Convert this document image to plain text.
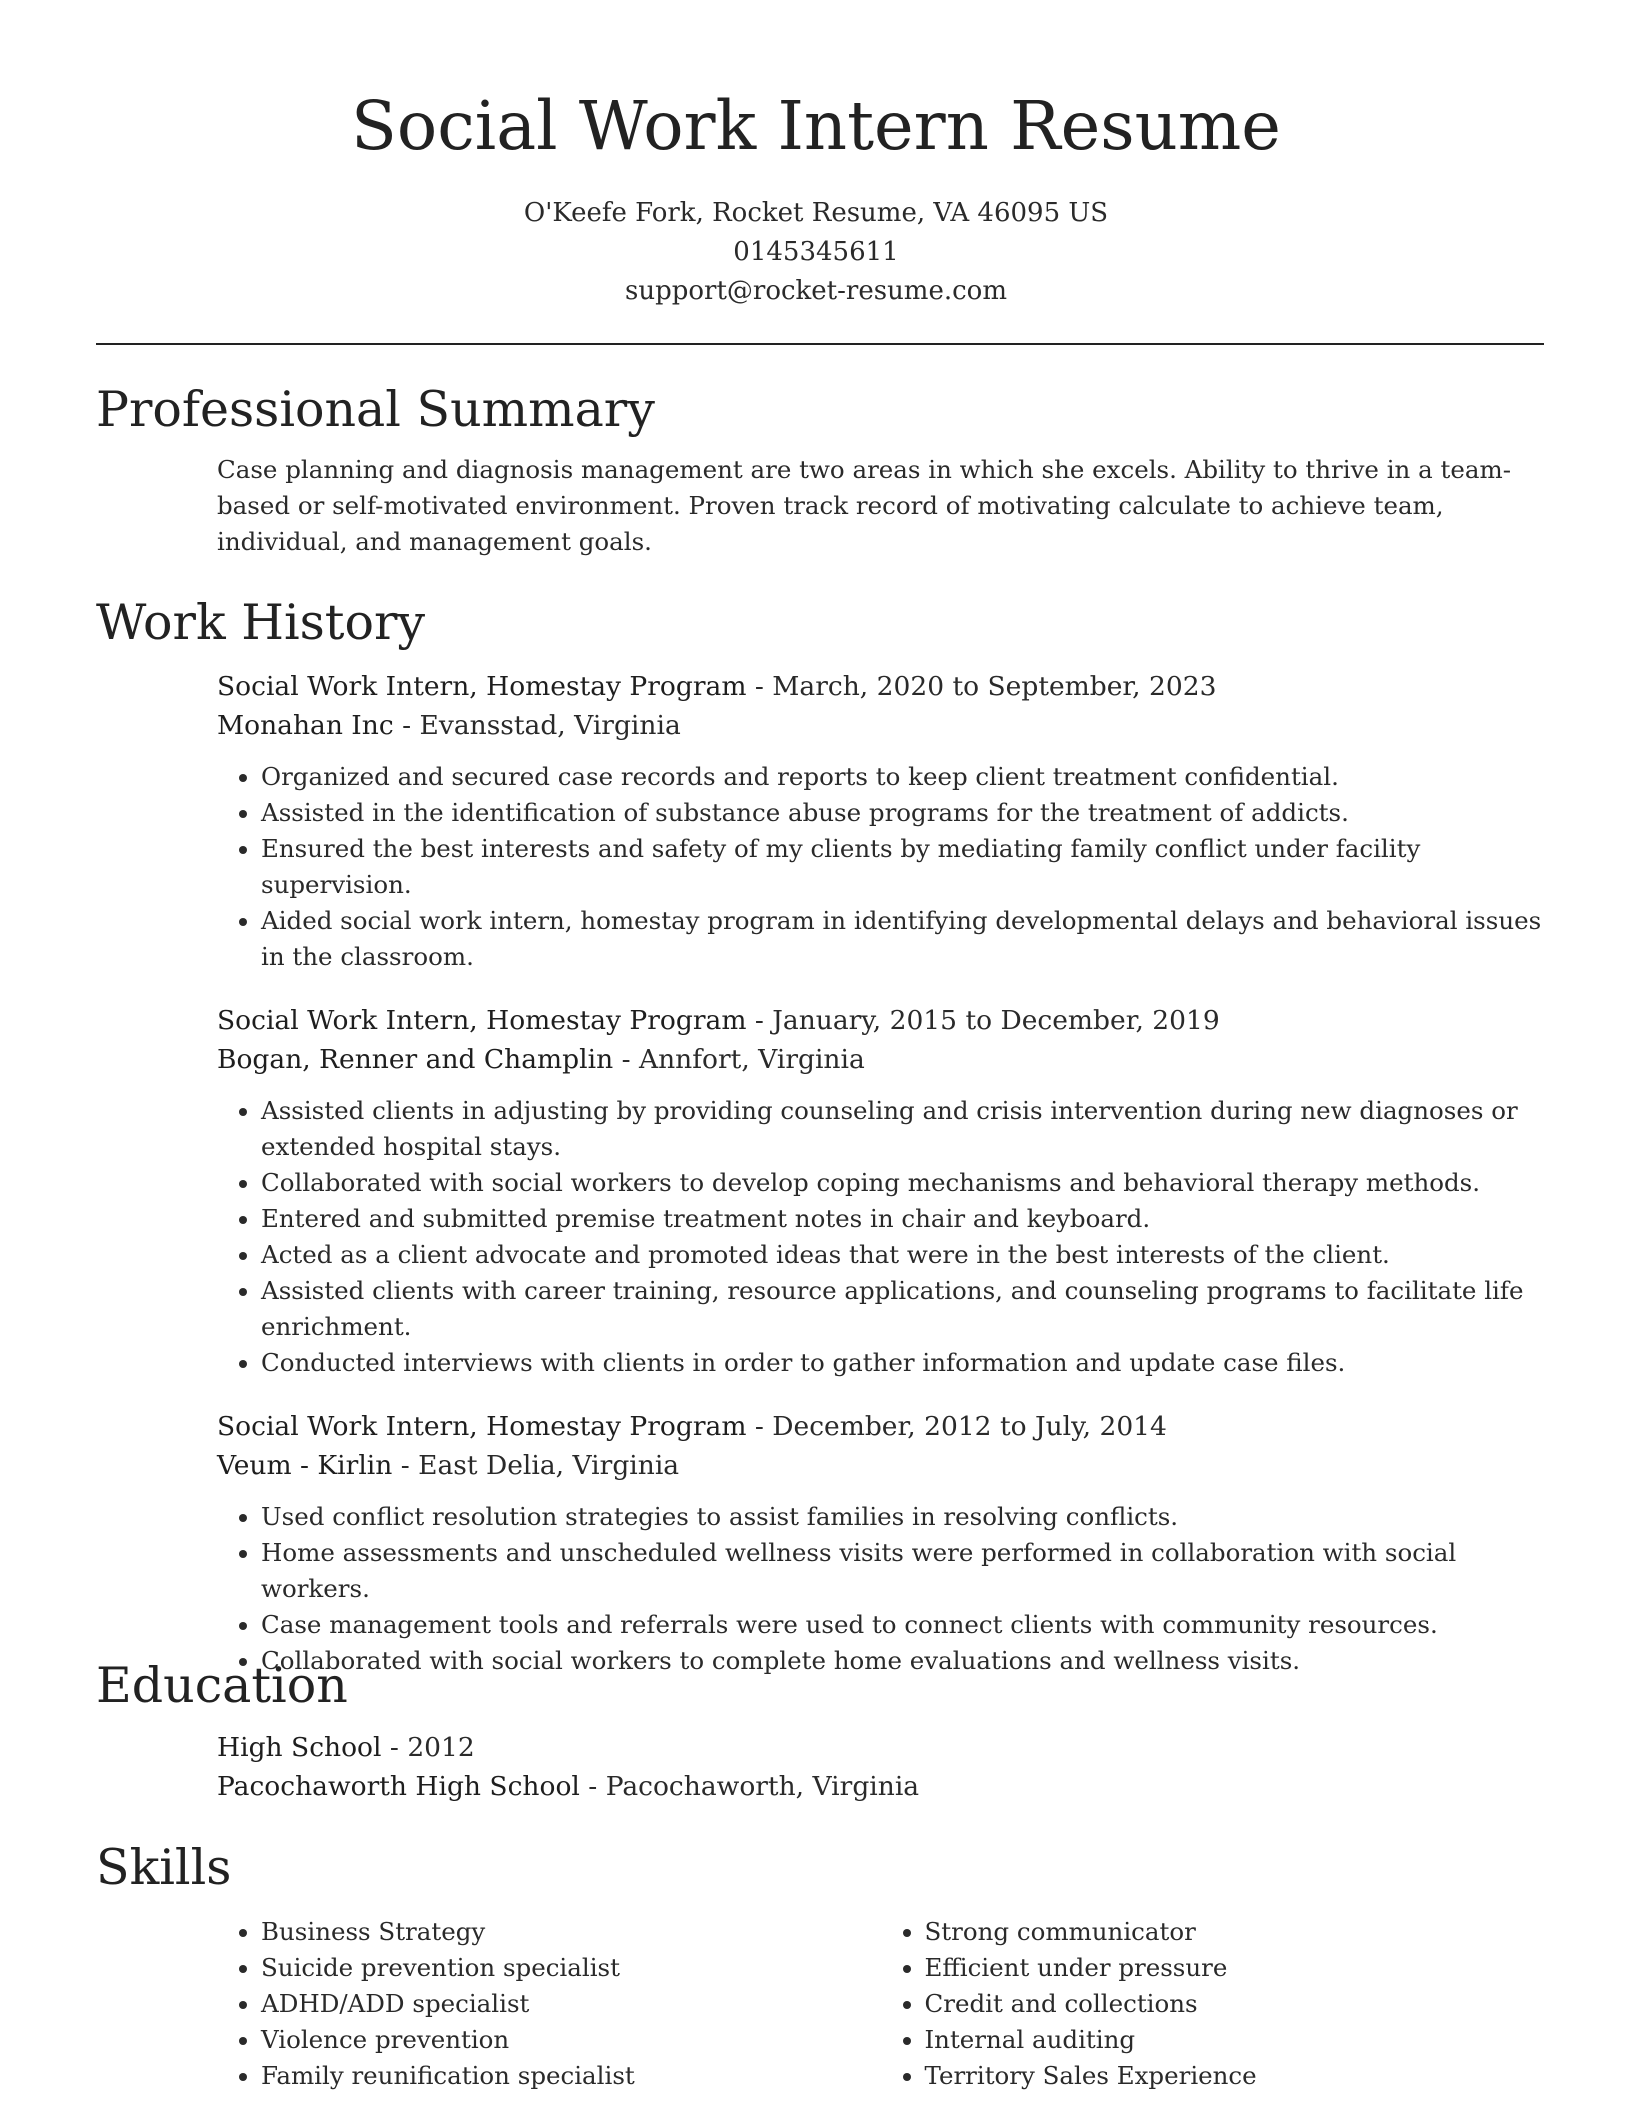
Social Work Intern Resume
O'Keefe Fork, Rocket Resume, VA 46095 US
0145345611
support@rocket-resume.com
Professional Summary
Case planning and diagnosis management are two areas in which she excels. Ability to thrive in a team-based or self-motivated environment. Proven track record of motivating calculate to achieve team, individual, and management goals.
Work History
Social Work Intern, Homestay Program - March, 2020 to September, 2023
Monahan Inc - Evansstad, Virginia
• Organized and secured case records and reports to keep client treatment confidential.
• Assisted in the identification of substance abuse programs for the treatment of addicts.
• Ensured the best interests and safety of my clients by mediating family conflict under facility supervision.
• Aided social work intern, homestay program in identifying developmental delays and behavioral issues in the classroom.
Social Work Intern, Homestay Program - January, 2015 to December, 2019
Bogan, Renner and Champlin - Annfort, Virginia
• Assisted clients in adjusting by providing counseling and crisis intervention during new diagnoses or extended hospital stays.
• Collaborated with social workers to develop coping mechanisms and behavioral therapy methods.
• Entered and submitted premise treatment notes in chair and keyboard.
• Acted as a client advocate and promoted ideas that were in the best interests of the client.
• Assisted clients with career training, resource applications, and counseling programs to facilitate life enrichment.
• Conducted interviews with clients in order to gather information and update case files.
Social Work Intern, Homestay Program - December, 2012 to July, 2014
Veum - Kirlin - East Delia, Virginia
• Used conflict resolution strategies to assist families in resolving conflicts.
• Home assessments and unscheduled wellness visits were performed in collaboration with social workers.
• Case management tools and referrals were used to connect clients with community resources.
• Collaborated with social workers to complete home evaluations and wellness visits.
Education
High School - 2012
Pacochaworth High School - Pacochaworth, Virginia
Skills
• Business Strategy
• Suicide prevention specialist
• ADHD/ADD specialist
• Violence prevention
• Family reunification specialist
• Strong communicator
• Efficient under pressure
• Credit and collections
• Internal auditing
• Territory Sales Experience
